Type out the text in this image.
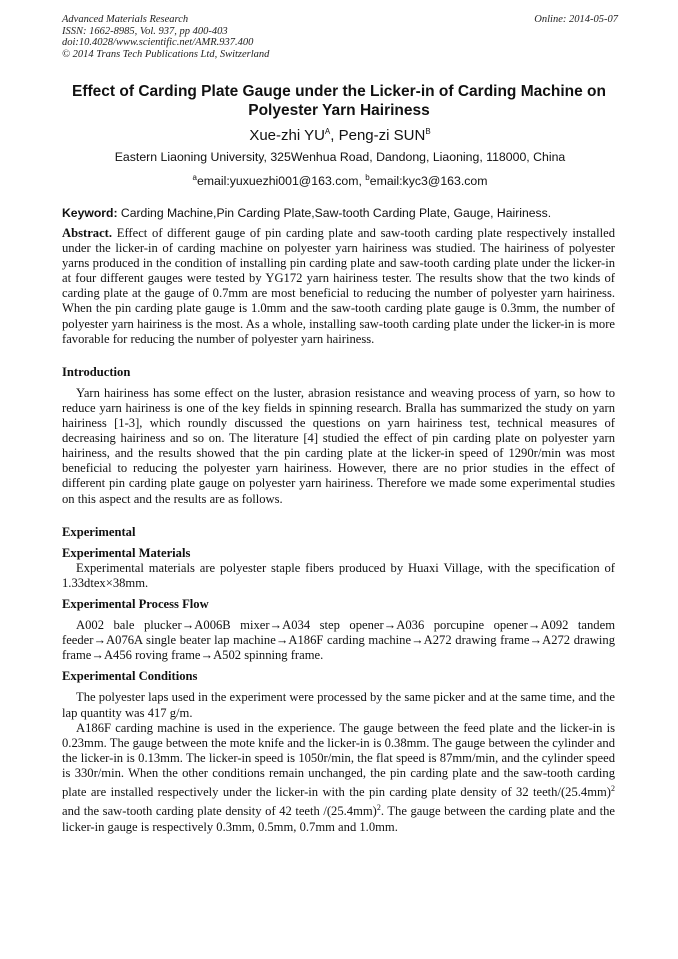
Advanced Materials Research
ISSN: 1662-8985, Vol. 937, pp 400-403
doi:10.4028/www.scientific.net/AMR.937.400
© 2014 Trans Tech Publications Ltd, Switzerland
Online: 2014-05-07
Effect of Carding Plate Gauge under the Licker-in of Carding Machine on Polyester Yarn Hairiness
Xue-zhi $YU^A$, Peng-zi $SUN^B$
Eastern Liaoning University, 325Wenhua Road, Dandong, Liaoning, 118000, China
$^a$email:yuxuezhi001@163.com, $^b$email:kyc3@163.com
Keyword: Carding Machine,Pin Carding Plate,Saw-tooth Carding Plate, Gauge, Hairiness.

Abstract. Effect of different gauge of pin carding plate and saw-tooth carding plate respectively installed under the licker-in of carding machine on polyester yarn hairiness was studied. The hairiness of polyester yarns produced in the condition of installing pin carding plate and saw-tooth carding plate under the licker-in at four different gauges were tested by YG172 yarn hairiness tester. The results show that the two kinds of carding plate at the gauge of 0.7mm are most beneficial to reducing the number of polyester yarn hairiness. When the pin carding plate gauge is 1.0mm and the saw-tooth carding plate gauge is 0.3mm, the number of polyester yarn hairiness is the most. As a whole, installing saw-tooth carding plate under the licker-in is more favorable for reducing the number of polyester yarn hairiness.

Introduction

Yarn hairiness has some effect on the luster, abrasion resistance and weaving process of yarn, so how to reduce yarn hairiness is one of the key fields in spinning research. Bralla has summarized the study on yarn hairiness [1-3], which roundly discussed the questions on yarn hairiness test, technical measures of decreasing hairiness and so on. The literature [4] studied the effect of pin carding plate on polyester yarn hairiness, and the results showed that the pin carding plate at the licker-in speed of 1290r/min was most beneficial to reducing the polyester yarn hairiness. However, there are no prior studies in the effect of different pin carding plate gauge on polyester yarn hairiness. Therefore we made some experimental studies on this aspect and the results are as follows.

Experimental

Experimental Materials

Experimental materials are polyester staple fibers produced by Huaxi Village, with the specification of 1.33dtex×38mm.

Experimental Process Flow

A002 bale plucker→A006B mixer→A034 step opener→A036 porcupine opener→A092 tandem feeder→A076A single beater lap machine→A186F carding machine→A272 drawing frame→A272 drawing frame→A456 roving frame→A502 spinning frame.

Experimental Conditions

The polyester laps used in the experiment were processed by the same picker and at the same time, and the lap quantity was 417 g/m.

A186F carding machine is used in the experience. The gauge between the feed plate and the licker-in is 0.23mm. The gauge between the mote knife and the licker-in is 0.38mm. The gauge between the cylinder and the licker-in is 0.13mm. The licker-in speed is 1050r/min, the flat speed is 87mm/min, and the cylinder speed is 330r/min. When the other conditions remain unchanged, the pin carding plate and the saw-tooth carding plate are installed respectively under the licker-in with the pin carding plate density of 32 teeth/$(25.4mm)^2$ and the saw-tooth carding plate density of 42 teeth $/(25.4mm)^2$. The gauge between the carding plate and the licker-in gauge is respectively 0.3mm, 0.5mm, 0.7mm and 1.0mm.
